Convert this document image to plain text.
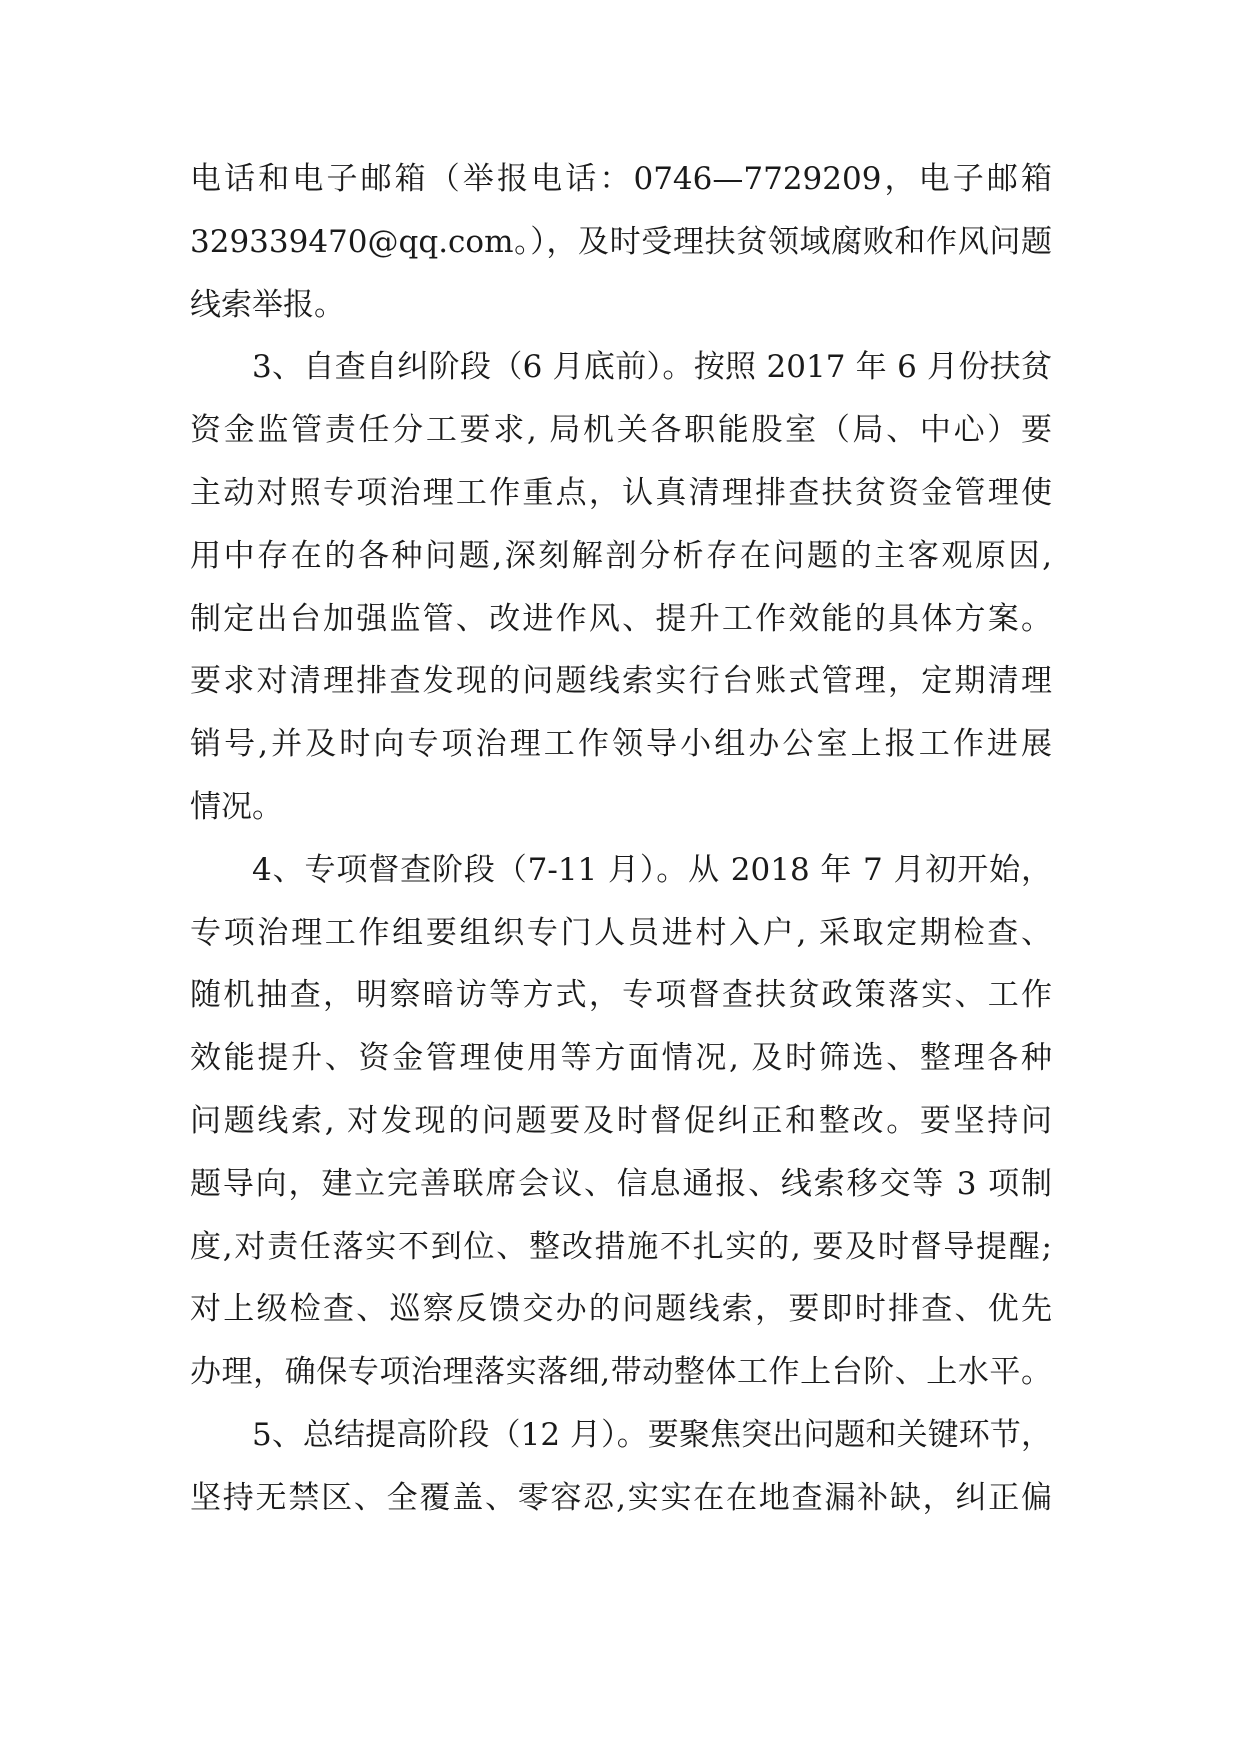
电话和电子邮箱（举报电话：0746—7729209，电子邮箱
329339470@qq.com。），及时受理扶贫领域腐败和作风问题
线索举报。
3、自查自纠阶段（6 月底前）。按照 2017 年 6 月份扶贫
资金监管责任分工要求, 局机关各职能股室（局、中心）要
主动对照专项治理工作重点，认真清理排查扶贫资金管理使
用中存在的各种问题,深刻解剖分析存在问题的主客观原因,
制定出台加强监管、改进作风、提升工作效能的具体方案。
要求对清理排查发现的问题线索实行台账式管理，定期清理
销号,并及时向专项治理工作领导小组办公室上报工作进展
情况。
4、专项督查阶段（7-11 月）。从 2018 年 7 月初开始，
专项治理工作组要组织专门人员进村入户, 采取定期检查、
随机抽查，明察暗访等方式，专项督查扶贫政策落实、工作
效能提升、资金管理使用等方面情况, 及时筛选、整理各种
问题线索, 对发现的问题要及时督促纠正和整改。要坚持问
题导向，建立完善联席会议、信息通报、线索移交等 3 项制
度,对责任落实不到位、整改措施不扎实的, 要及时督导提醒;
对上级检查、巡察反馈交办的问题线索，要即时排查、优先
办理，确保专项治理落实落细,带动整体工作上台阶、上水平。
5、总结提高阶段（12 月）。要聚焦突出问题和关键环节，
坚持无禁区、全覆盖、零容忍,实实在在地查漏补缺，纠正偏
